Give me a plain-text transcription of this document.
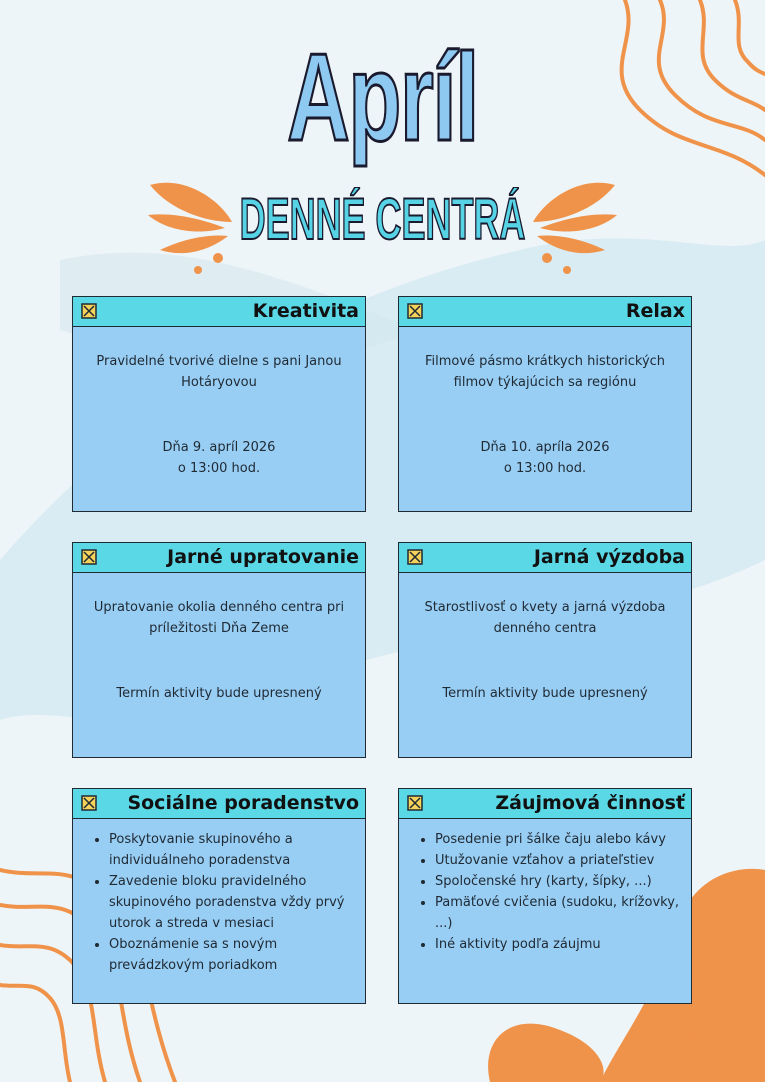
Apríl
DENNÉ CENTRÁ
Kreativita
Pravidelné tvorivé dielne s pani Janou Hotáryovou
Dňa 9. apríl 2026
o 13:00 hod.
Relax
Filmové pásmo krátkych historických filmov týkajúcich sa regiónu
Dňa 10. apríla 2026
o 13:00 hod.
Jarné upratovanie
Upratovanie okolia denného centra pri príležitosti Dňa Zeme
Termín aktivity bude upresnený
Jarná výzdoba
Starostlivosť o kvety a jarná výzdoba denného centra
Termín aktivity bude upresnený
Sociálne poradenstvo
• Poskytovanie skupinového a individuálneho poradenstva
• Zavedenie bloku pravidelného skupinového poradenstva vždy prvý utorok a streda v mesiaci
• Oboznámenie sa s novým prevádzkovým poriadkom
Záujmová činnosť
• Posedenie pri šálke čaju alebo kávy
• Utužovanie vzťahov a priateľstiev
• Spoločenské hry (karty, šípky, ...)
• Pamäťové cvičenia (sudoku, krížovky, ...)
• Iné aktivity podľa záujmu
